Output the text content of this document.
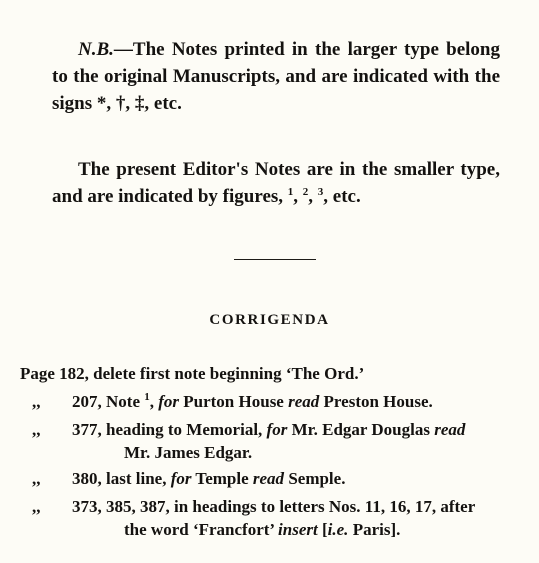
N.B.—The Notes printed in the larger type belong to the original Manuscripts, and are indicated with the signs *, †, ‡, etc.

The present Editor's Notes are in the smaller type, and are indicated by figures, $^1$, $^2$, $^3$, etc.

CORRIGENDA
Page 182, delete first note beginning ‘The Ord.’
,, 207, Note $^1$, for Purton House read Preston House.
,, 377, heading to Memorial, for Mr. Edgar Douglas read
Mr. James Edgar.
,, 380, last line, for Temple read Semple.
,, 373, 385, 387, in headings to letters Nos. 11, 16, 17, after
the word ‘Francfort’ insert [i.e. Paris].
